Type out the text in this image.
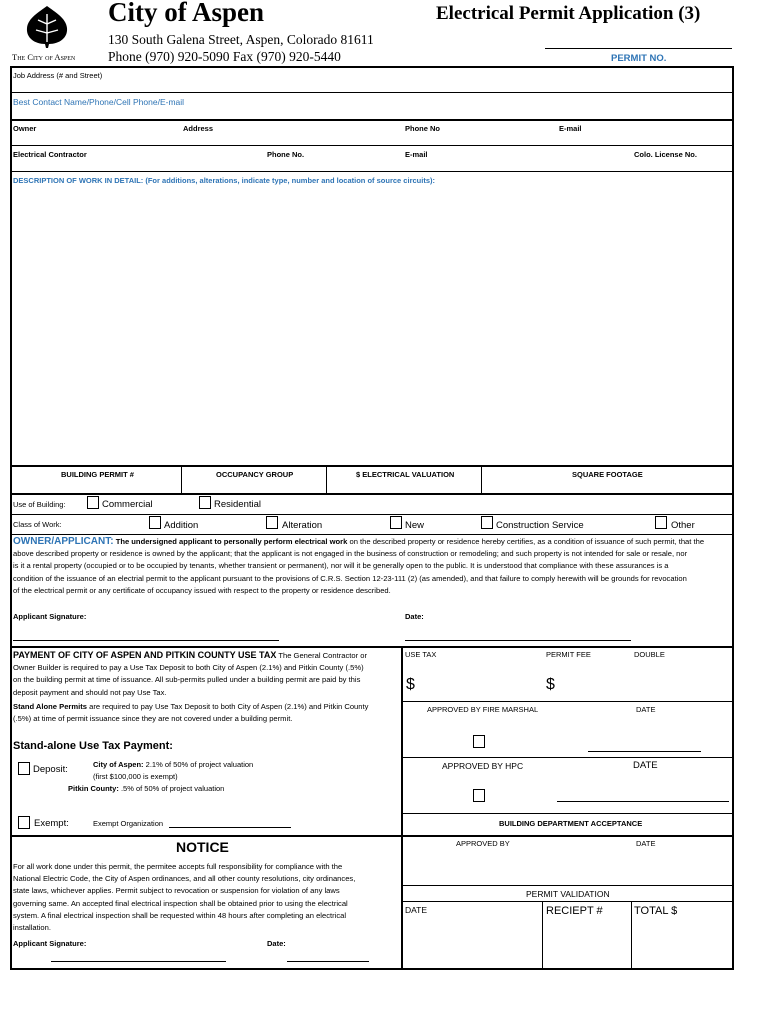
The City of Aspen
City of Aspen
130 South Galena Street, Aspen, Colorado 81611
Phone (970) 920-5090 Fax (970) 920-5440
Electrical Permit Application (3)
PERMIT NO.
Job Address (# and Street)
Best Contact Name/Phone/Cell Phone/E-mail
Owner	Address	Phone No	E-mail
Electrical Contractor	Phone No.	E-mail	Colo. License No.
DESCRIPTION OF WORK IN DETAIL: (For additions, alterations, indicate type, number and location of source circuits):
BUILDING PERMIT #	OCCUPANCY GROUP	$ ELECTRICAL VALUATION	SQUARE FOOTAGE
Use of Building:	Commercial	Residential
Class of Work:	Addition	Alteration	New	Construction Service	Other
OWNER/APPLICANT: The undersigned applicant to personally perform electrical work on the described property or residence hereby certifies, as a condition of issuance of such permit, that the
above described property or residence is owned by the applicant; that the applicant is not engaged in the business of construction or remodeling; and such property is not intended for sale or resale, nor
is it a rental property (occupied or to be occupied by tenants, whether transient or permanent), nor will it be generally open to the public. It is understood that compliance with these assurances is a
condition of the issuance of an electrial permit to the applicant pursuant to the provisions of C.R.S. Section 12-23-111 (2) (as amended), and that failure to comply herewith will be grounds for revocation
of the electrical permit or any certificate of occupancy issued with respect to the property or residence described.
Applicant Signature:	Date:
PAYMENT OF CITY OF ASPEN AND PITKIN COUNTY USE TAX The General Contractor or
Owner Builder is required to pay a Use Tax Deposit to both City of Aspen (2.1%) and Pitkin County (.5%)
on the building permit at time of issuance. All sub-permits pulled under a building permit are paid by this
deposit payment and should not pay Use Tax.
Stand Alone Permits are required to pay Use Tax Deposit to both City of Aspen (2.1%) and Pitkin County
(.5%) at time of permit issuance since they are not covered under a building permit.
Stand-alone Use Tax Payment:
Deposit:	City of Aspen: 2.1% of 50% of project valuation
(first $100,000 is exempt)
Pitkin County: .5% of 50% of project valuation
Exempt:	Exempt Organization
NOTICE
For all work done under this permit, the permitee accepts full responsibility for compliance with the
National Electric Code, the City of Aspen ordinances, and all other county resolutions, city ordinances,
state laws, whichever applies. Permit subject to revocation or suspension for violation of any laws
governing same. An accepted final electrical inspection shall be obtained prior to using the electrical
system. A final electrical inspection shall be requested within 48 hours after completing an electrical
installation.
Applicant Signature:	Date:
USE TAX	PERMIT FEE	DOUBLE
$	$
APPROVED BY FIRE MARSHAL	DATE
APPROVED BY HPC	DATE
BUILDING DEPARTMENT ACCEPTANCE
APPROVED BY	DATE
PERMIT VALIDATION
DATE	RECIEPT #	TOTAL $
